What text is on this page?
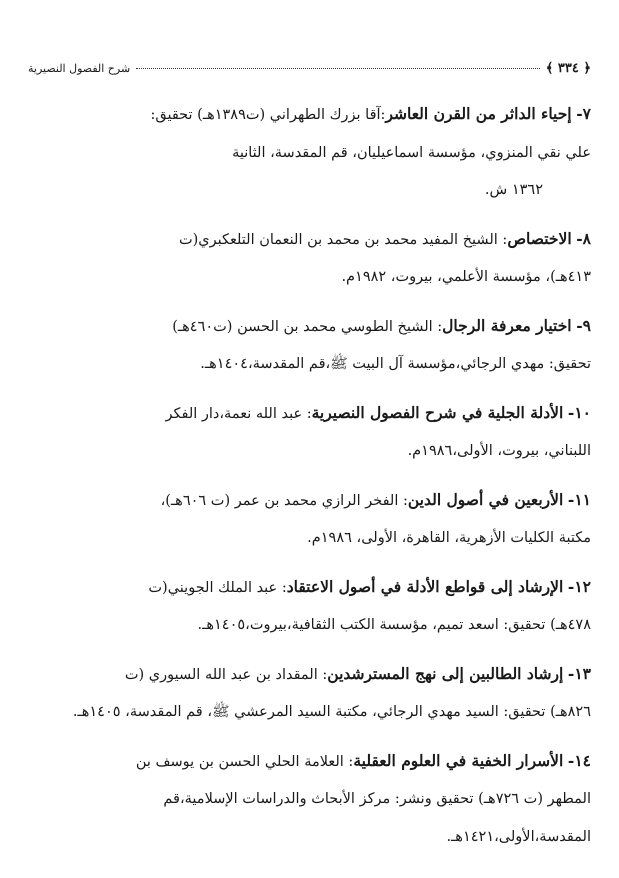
﴿ ٣٣٤ ﴾
شرح الفصول النصيرية

٧- إحياء الداثر من القرن العاشر:آقا بزرك الطهراني (ت١٣٨٩هـ) تحقيق:

علي نقي المنزوي، مؤسسة اسماعيليان، قم المقدسة، الثانية

١٣٦٢ ش.

٨- الاختصاص: الشيخ المفيد محمد بن محمد بن النعمان التلعكبري(ت

٤١٣هـ)، مؤسسة الأعلمي، بيروت، ١٩٨٢م.

٩- اختيار معرفة الرجال: الشيخ الطوسي محمد بن الحسن (ت٤٦٠هـ)

تحقيق: مهدي الرجائي،مؤسسة آل البيت ﷺ،قم المقدسة،١٤٠٤هـ.

١٠- الأدلة الجلية في شرح الفصول النصيرية: عبد الله نعمة،دار الفكر

اللبناني، بيروت، الأولى،١٩٨٦م.

١١- الأربعين في أصول الدين: الفخر الرازي محمد بن عمر (ت ٦٠٦هـ)،

مكتبة الكليات الأزهرية، القاهرة، الأولى، ١٩٨٦م.

١٢- الإرشاد إلى قواطع الأدلة في أصول الاعتقاد: عبد الملك الجويني(ت

٤٧٨هـ) تحقيق: اسعد تميم، مؤسسة الكتب الثقافية،بيروت،١٤٠٥هـ.

١٣- إرشاد الطالبين إلى نهج المسترشدين: المقداد بن عبد الله السيوري (ت

٨٢٦هـ) تحقيق: السيد مهدي الرجائي، مكتبة السيد المرعشي ﷺ، قم المقدسة، ١٤٠٥هـ.

١٤- الأسرار الخفية في العلوم العقلية: العلامة الحلي الحسن بن يوسف بن

المطهر (ت ٧٢٦هـ) تحقيق ونشر: مركز الأبحاث والدراسات الإسلامية،قم

المقدسة،الأولى،١٤٢١هـ.
